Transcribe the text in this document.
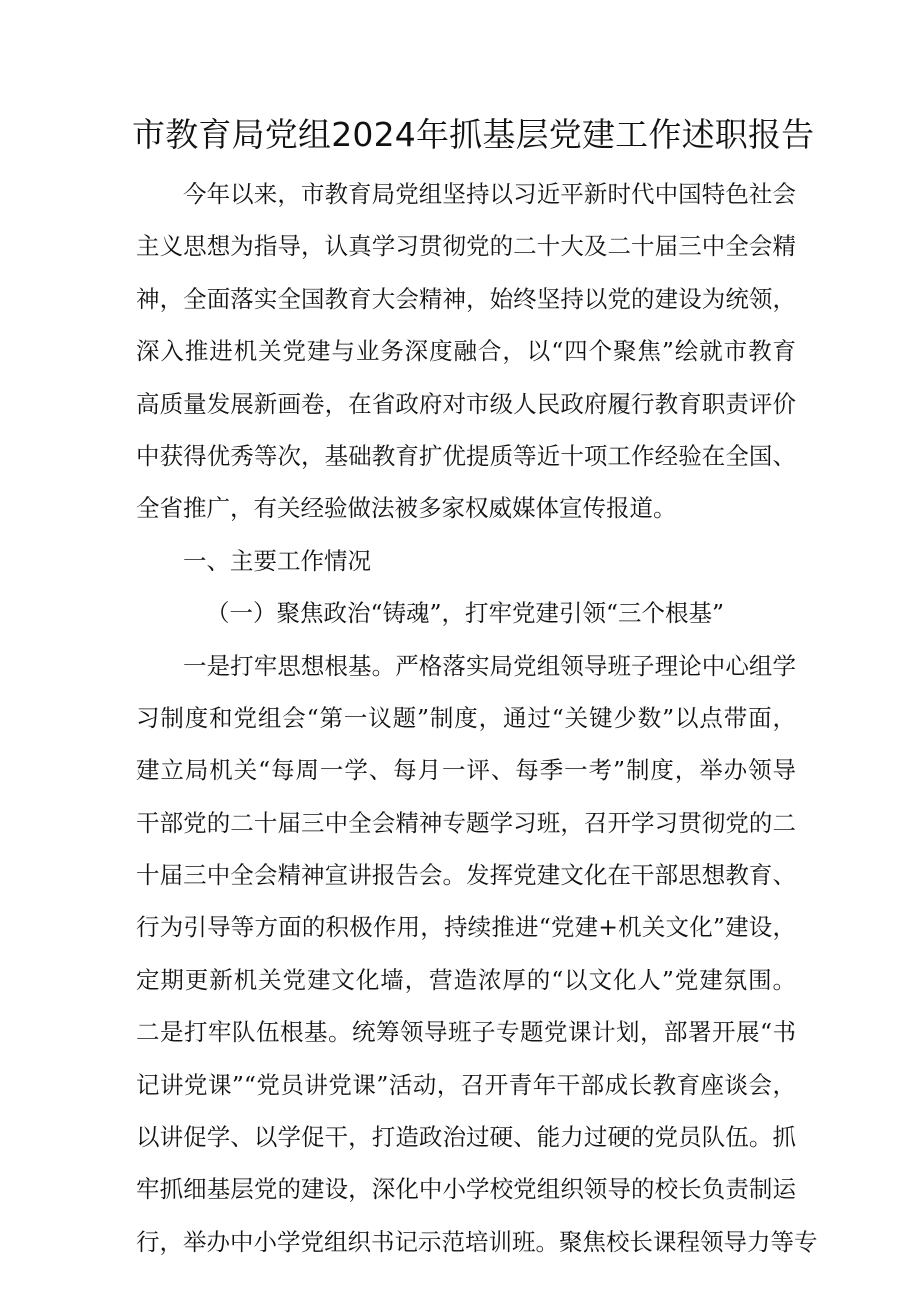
市教育局党组2024年抓基层党建工作述职报告
今年以来，市教育局党组坚持以习近平新时代中国特色社会
主义思想为指导，认真学习贯彻党的二十大及二十届三中全会精
神，全面落实全国教育大会精神，始终坚持以党的建设为统领，
深入推进机关党建与业务深度融合，以“四个聚焦”绘就市教育
高质量发展新画卷，在省政府对市级人民政府履行教育职责评价
中获得优秀等次，基础教育扩优提质等近十项工作经验在全国、
全省推广，有关经验做法被多家权威媒体宣传报道。
一、主要工作情况
（一）聚焦政治“铸魂”，打牢党建引领“三个根基”
一是打牢思想根基。严格落实局党组领导班子理论中心组学
习制度和党组会“第一议题”制度，通过“关键少数”以点带面，
建立局机关“每周一学、每月一评、每季一考”制度，举办领导
干部党的二十届三中全会精神专题学习班，召开学习贯彻党的二
十届三中全会精神宣讲报告会。发挥党建文化在干部思想教育、
行为引导等方面的积极作用，持续推进“党建+机关文化”建设，
定期更新机关党建文化墙，营造浓厚的“以文化人”党建氛围。
二是打牢队伍根基。统筹领导班子专题党课计划，部署开展“书
记讲党课”“党员讲党课”活动，召开青年干部成长教育座谈会，
以讲促学、以学促干，打造政治过硬、能力过硬的党员队伍。抓
牢抓细基层党的建设，深化中小学校党组织领导的校长负责制运
行，举办中小学党组织书记示范培训班。聚焦校长课程领导力等专
